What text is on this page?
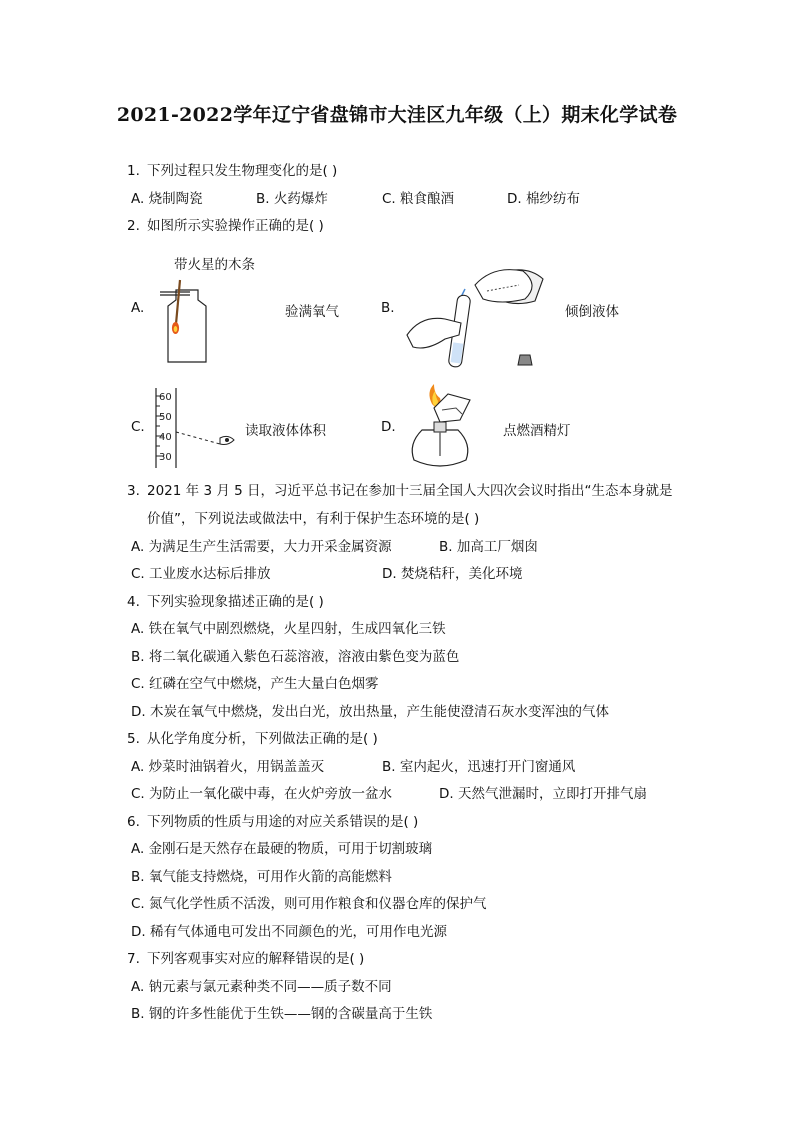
2021-2022学年辽宁省盘锦市大洼区九年级（上）期末化学试卷
1. 下列过程只发生物理变化的是( )
A. 烧制陶瓷	B. 火药爆炸	C. 粮食酿酒	D. 棉纱纺布
2. 如图所示实验操作正确的是( )
带火星的木条
A.	验满氧气	B.	倾倒液体
C.
60
50
40
30
读取液体体积	D.	点燃酒精灯
3. 2021 年 3 月 5 日，习近平总书记在参加十三届全国人大四次会议时指出“生态本身就是
价值”，下列说法或做法中，有利于保护生态环境的是( )
A. 为满足生产生活需要，大力开采金属资源	B. 加高工厂烟囱
C. 工业废水达标后排放	D. 焚烧秸秆，美化环境
4. 下列实验现象描述正确的是( )
A. 铁在氧气中剧烈燃烧，火星四射，生成四氧化三铁
B. 将二氧化碳通入紫色石蕊溶液，溶液由紫色变为蓝色
C. 红磷在空气中燃烧，产生大量白色烟雾
D. 木炭在氧气中燃烧，发出白光，放出热量，产生能使澄清石灰水变浑浊的气体
5. 从化学角度分析，下列做法正确的是( )
A. 炒菜时油锅着火，用锅盖盖灭	B. 室内起火，迅速打开门窗通风
C. 为防止一氧化碳中毒，在火炉旁放一盆水	D. 天然气泄漏时，立即打开排气扇
6. 下列物质的性质与用途的对应关系错误的是( )
A. 金刚石是天然存在最硬的物质，可用于切割玻璃
B. 氧气能支持燃烧，可用作火箭的高能燃料
C. 氮气化学性质不活泼，则可用作粮食和仪器仓库的保护气
D. 稀有气体通电可发出不同颜色的光，可用作电光源
7. 下列客观事实对应的解释错误的是( )
A. 钠元素与氯元素种类不同——质子数不同
B. 钢的许多性能优于生铁——钢的含碳量高于生铁
